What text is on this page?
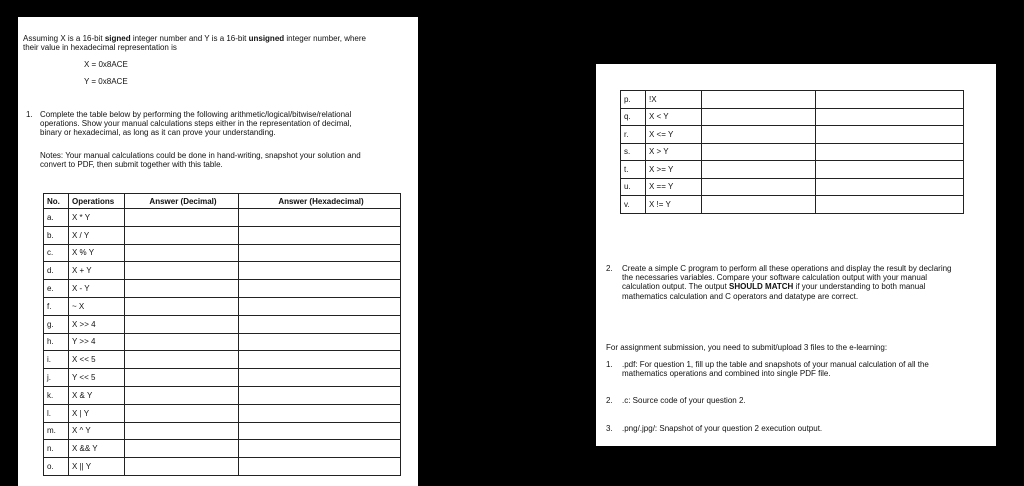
Assuming X is a 16-bit signed integer number and Y is a 16-bit unsigned integer number, where
their value in hexadecimal representation is
X = 0x8ACE
Y = 0x8ACE
1. Complete the table below by performing the following arithmetic/logical/bitwise/relational
operations. Show your manual calculations steps either in the representation of decimal,
binary or hexadecimal, as long as it can prove your understanding.
Notes: Your manual calculations could be done in hand-writing, snapshot your solution and
convert to PDF, then submit together with this table.
No.	Operations	Answer (Decimal)	Answer (Hexadecimal)
a.	X * Y		
b.	X / Y		
c.	X % Y		
d.	X + Y		
e.	X - Y		
f.	~ X		
g.	X >> 4		
h.	Y >> 4		
i.	X << 5		
j.	Y << 5		
k.	X & Y		
l.	X | Y		
m.	X ^ Y		
n.	X && Y		
o.	X || Y		
p.	!X		
q.	X < Y		
r.	X <= Y		
s.	X > Y		
t.	X >= Y		
u.	X == Y		
v.	X != Y		
2. Create a simple C program to perform all these operations and display the result by declaring
the necessaries variables. Compare your software calculation output with your manual
calculation output. The output SHOULD MATCH if your understanding to both manual
mathematics calculation and C operators and datatype are correct.
For assignment submission, you need to submit/upload 3 files to the e-learning:
1. .pdf: For question 1, fill up the table and snapshots of your manual calculation of all the
mathematics operations and combined into single PDF file.
2. .c: Source code of your question 2.
3. .png/.jpg/: Snapshot of your question 2 execution output.
